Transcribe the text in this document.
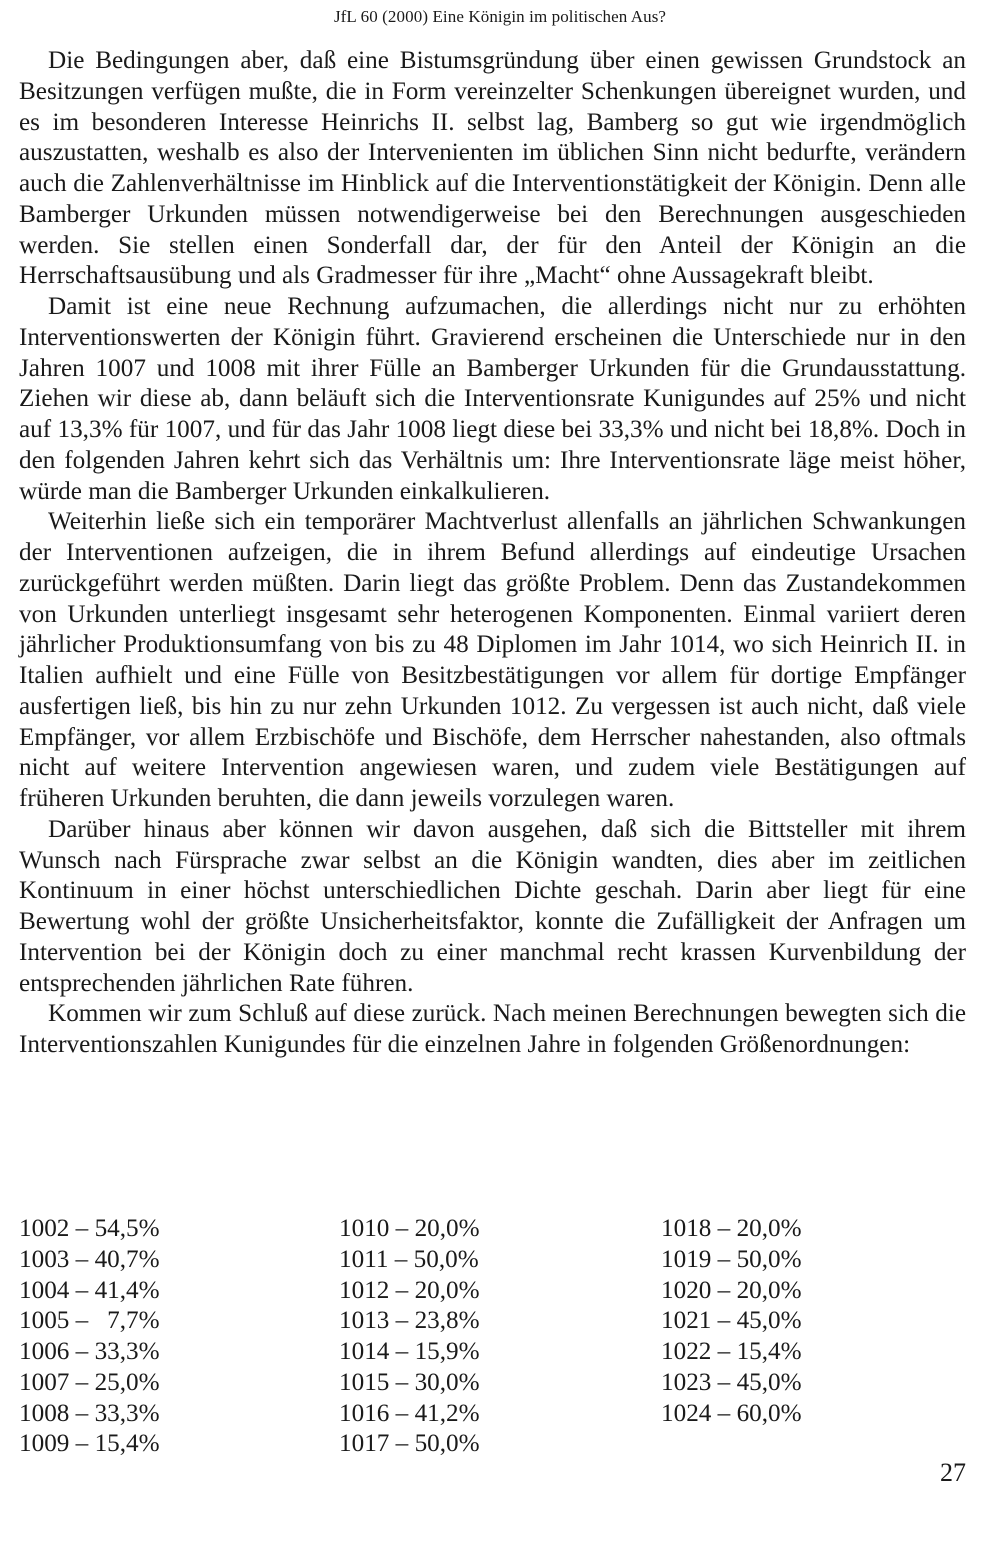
JfL 60 (2000) Eine Königin im politischen Aus?

Die Bedingungen aber, daß eine Bistumsgründung über einen gewissen Grundstock an Besitzungen verfügen mußte, die in Form vereinzelter Schenkungen übereignet wurden, und es im besonderen Interesse Heinrichs II. selbst lag, Bamberg so gut wie irgendmöglich auszustatten, weshalb es also der Intervenienten im üblichen Sinn nicht bedurfte, verändern auch die Zahlenverhältnisse im Hinblick auf die Interventionstätigkeit der Königin. Denn alle Bamberger Urkunden müssen notwendigerweise bei den Berechnungen ausgeschieden werden. Sie stellen einen Sonderfall dar, der für den Anteil der Königin an die Herrschaftsausübung und als Gradmesser für ihre „Macht“ ohne Aussagekraft bleibt.

Damit ist eine neue Rechnung aufzumachen, die allerdings nicht nur zu erhöhten Interventionswerten der Königin führt. Gravierend erscheinen die Unterschiede nur in den Jahren 1007 und 1008 mit ihrer Fülle an Bamberger Urkunden für die Grundausstattung. Ziehen wir diese ab, dann beläuft sich die Interventionsrate Kunigundes auf 25% und nicht auf 13,3% für 1007, und für das Jahr 1008 liegt diese bei 33,3% und nicht bei 18,8%. Doch in den folgenden Jahren kehrt sich das Verhältnis um: Ihre Interventionsrate läge meist höher, würde man die Bamberger Urkunden einkalkulieren.

Weiterhin ließe sich ein temporärer Machtverlust allenfalls an jährlichen Schwankungen der Interventionen aufzeigen, die in ihrem Befund allerdings auf eindeutige Ursachen zurückgeführt werden müßten. Darin liegt das größte Problem. Denn das Zustandekommen von Urkunden unterliegt insgesamt sehr heterogenen Komponenten. Einmal variiert deren jährlicher Produktionsumfang von bis zu 48 Diplomen im Jahr 1014, wo sich Heinrich II. in Italien aufhielt und eine Fülle von Besitzbestätigungen vor allem für dortige Empfänger ausfertigen ließ, bis hin zu nur zehn Urkunden 1012. Zu vergessen ist auch nicht, daß viele Empfänger, vor allem Erzbischöfe und Bischöfe, dem Herrscher nahestanden, also oftmals nicht auf weitere Intervention angewiesen waren, und zudem viele Bestätigungen auf früheren Urkunden beruhten, die dann jeweils vorzulegen waren.

Darüber hinaus aber können wir davon ausgehen, daß sich die Bittsteller mit ihrem Wunsch nach Fürsprache zwar selbst an die Königin wandten, dies aber im zeitlichen Kontinuum in einer höchst unterschiedlichen Dichte geschah. Darin aber liegt für eine Bewertung wohl der größte Unsicherheitsfaktor, konnte die Zufälligkeit der Anfragen um Intervention bei der Königin doch zu einer manchmal recht krassen Kurvenbildung der entsprechenden jährlichen Rate führen.

Kommen wir zum Schluß auf diese zurück. Nach meinen Berechnungen bewegten sich die Interventionszahlen Kunigundes für die einzelnen Jahre in folgenden Größenordnungen:

1002 – 54,5%
1003 – 40,7%
1004 – 41,4%
1005 –   7,7%
1006 – 33,3%
1007 – 25,0%
1008 – 33,3%
1009 – 15,4%
1010 – 20,0%
1011 – 50,0%
1012 – 20,0%
1013 – 23,8%
1014 – 15,9%
1015 – 30,0%
1016 – 41,2%
1017 – 50,0%
1018 – 20,0%
1019 – 50,0%
1020 – 20,0%
1021 – 45,0%
1022 – 15,4%
1023 – 45,0%
1024 – 60,0%
27
